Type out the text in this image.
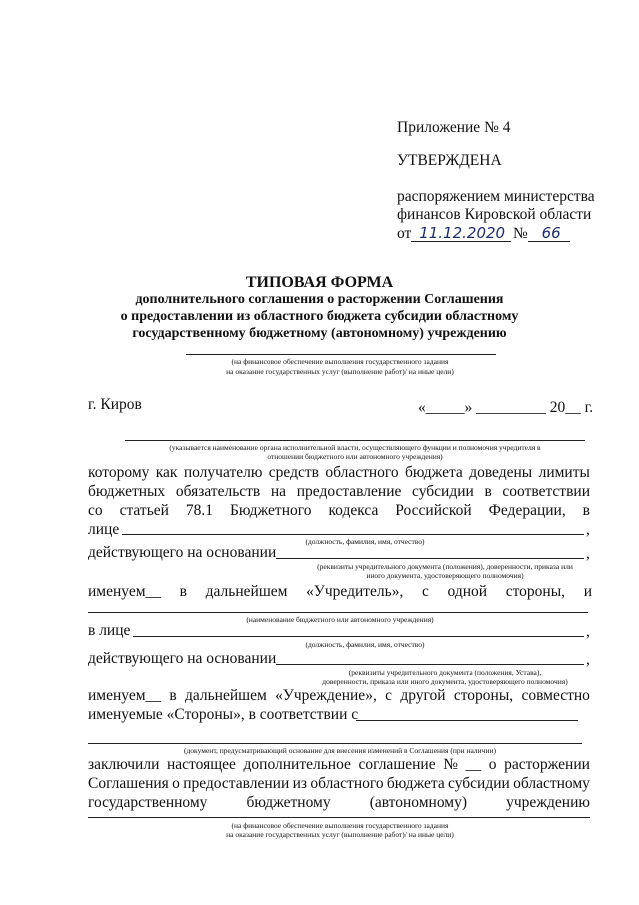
Приложение № 4
УТВЕРЖДЕНА
распоряжением министерства
финансов Кировской области
от 11.12.2020 № 66
ТИПОВАЯ ФОРМА
дополнительного соглашения о расторжении Соглашения
о предоставлении из областного бюджета субсидии областному
государственному бюджетному (автономному) учреждению
(на финансовое обеспечение выполнения государственного задания
на оказание государственных услуг (выполнение работ)/ на иные цели)
г. Киров	«_____» _________ 20__ г.
(указывается наименование органа исполнительной власти, осуществляющего функции и полномочия учредителя в
отношении бюджетного или автономного учреждения)
которому как получателю средств областного бюджета доведены лимиты
бюджетных обязательств на предоставление субсидии в соответствии
со статьей 78.1 Бюджетного кодекса Российской Федерации, в
лице	,
(должность, фамилия, имя, отчество)
действующего на основании	,
(реквизиты учредительного документа (положения), доверенности, приказа или
иного документа, удостоверяющего полномочия)
именуем__ в дальнейшем «Учредитель», с одной стороны, и
(наименование бюджетного или автономного учреждения)
в лице	,
(должность, фамилия, имя, отчество)
действующего на основании	,
(реквизиты учредительного документа (положения, Устава),
доверенности, приказа или иного документа, удостоверяющего полномочия)
именуем__ в дальнейшем «Учреждение», с другой стороны, совместно
именуемые «Стороны», в соответствии с
(документ, предусматривающий основание для внесения изменений в Соглашения (при наличии)
заключили настоящее дополнительное соглашение № __ о расторжении
Соглашения о предоставлении из областного бюджета субсидии областному
государственному	бюджетному	(автономному)	учреждению
(на финансовое обеспечение выполнения государственного задания
на оказание государственных услуг (выполнение работ)/ на иные цели)
